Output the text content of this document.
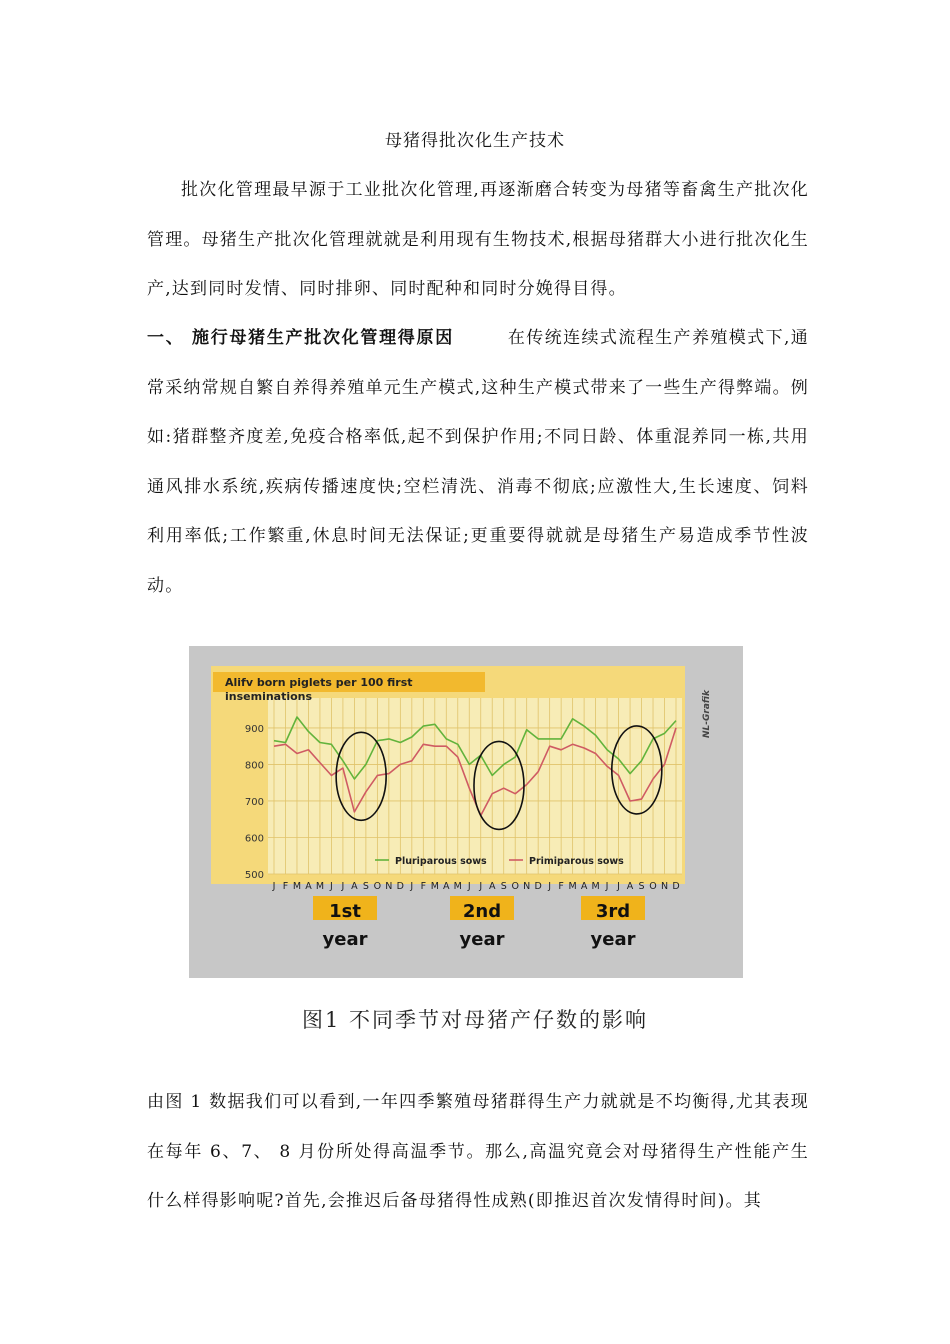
母猪得批次化生产技术

批次化管理最早源于工业批次化管理,再逐渐磨合转变为母猪等畜禽生产批次化管理。母猪生产批次化管理就就是利用现有生物技术,根据母猪群大小进行批次化生产,达到同时发情、同时排卵、同时配种和同时分娩得目得。

一、 施行母猪生产批次化管理得原因	在传统连续式流程生产养殖模式下,通常采纳常规自繁自养得养殖单元生产模式,这种生产模式带来了一些生产得弊端。例如:猪群整齐度差,免疫合格率低,起不到保护作用;不同日龄、体重混养同一栋,共用通风排水系统,疾病传播速度快;空栏清洗、消毒不彻底;应激性大,生长速度、饲料利用率低;工作繁重,休息时间无法保证;更重要得就就是母猪生产易造成季节性波动。

500
600
700
800
900
Alifv born piglets per 100 first inseminations	NL-Grafik
Pluriparous sows	Primiparous sows
J F M A M J J A S O N D J F M A M J J A S O N D J F M A M J J A S O N D
1st
year
2nd
year
3rd
year
图1 不同季节对母猪产仔数的影响

由图 1 数据我们可以看到,一年四季繁殖母猪群得生产力就就是不均衡得,尤其表现在每年 6、7、 8 月份所处得高温季节。那么,高温究竟会对母猪得生产性能产生什么样得影响呢?首先,会推迟后备母猪得性成熟(即推迟首次发情得时间)。其
